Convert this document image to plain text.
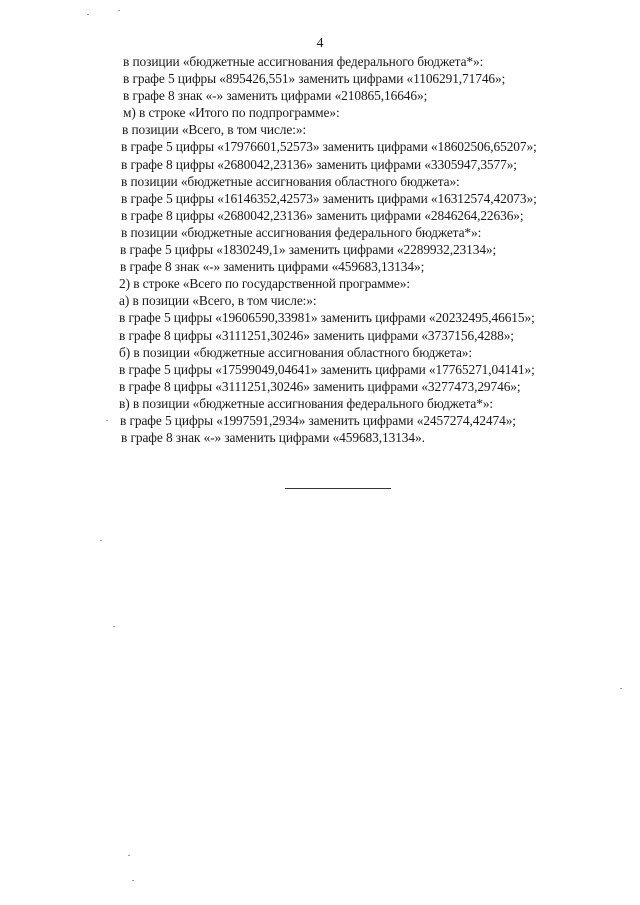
4
в позиции «бюджетные ассигнования федерального бюджета*»:
в графе 5 цифры «895426,551» заменить цифрами «1106291,71746»;
в графе 8 знак «-» заменить цифрами «210865,16646»;
м) в строке «Итого по подпрограмме»:
в позиции «Всего, в том числе:»:
в графе 5 цифры «17976601,52573» заменить цифрами «18602506,65207»;
в графе 8 цифры «2680042,23136» заменить цифрами «3305947,3577»;
в позиции «бюджетные ассигнования областного бюджета»:
в графе 5 цифры «16146352,42573» заменить цифрами «16312574,42073»;
в графе 8 цифры «2680042,23136» заменить цифрами «2846264,22636»;
в позиции «бюджетные ассигнования федерального бюджета*»:
в графе 5 цифры «1830249,1» заменить цифрами «2289932,23134»;
в графе 8 знак «-» заменить цифрами «459683,13134»;
2) в строке «Всего по государственной программе»:
а) в позиции «Всего, в том числе:»:
в графе 5 цифры «19606590,33981» заменить цифрами «20232495,46615»;
в графе 8 цифры «3111251,30246» заменить цифрами «3737156,4288»;
б) в позиции «бюджетные ассигнования областного бюджета»:
в графе 5 цифры «17599049,04641» заменить цифрами «17765271,04141»;
в графе 8 цифры «3111251,30246» заменить цифрами «3277473,29746»;
в) в позиции «бюджетные ассигнования федерального бюджета*»:
в графе 5 цифры «1997591,2934» заменить цифрами «2457274,42474»;
в графе 8 знак «-» заменить цифрами «459683,13134».
